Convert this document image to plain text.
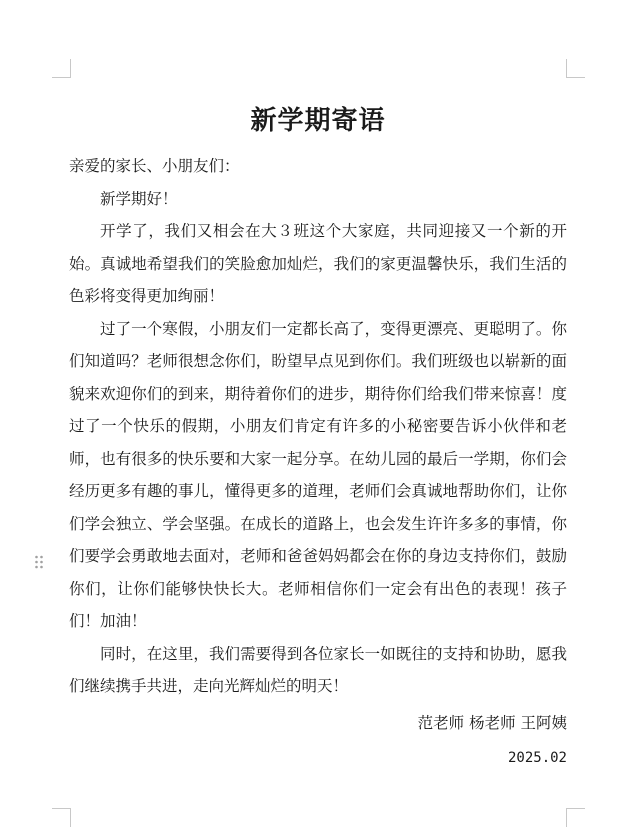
新学期寄语

亲爱的家长、小朋友们：

新学期好！

开学了，我们又相会在大３班这个大家庭，共同迎接又一个新的开始。真诚地希望我们的笑脸愈加灿烂，我们的家更温馨快乐，我们生活的色彩将变得更加绚丽！

过了一个寒假，小朋友们一定都长高了，变得更漂亮、更聪明了。你们知道吗？老师很想念你们，盼望早点见到你们。我们班级也以崭新的面貌来欢迎你们的到来，期待着你们的进步，期待你们给我们带来惊喜！度过了一个快乐的假期，小朋友们肯定有许多的小秘密要告诉小伙伴和老师，也有很多的快乐要和大家一起分享。在幼儿园的最后一学期，你们会经历更多有趣的事儿，懂得更多的道理，老师们会真诚地帮助你们，让你们学会独立、学会坚强。在成长的道路上，也会发生许许多多的事情，你们要学会勇敢地去面对，老师和爸爸妈妈都会在你的身边支持你们，鼓励你们，让你们能够快快长大。老师相信你们一定会有出色的表现！孩子们！加油！

同时，在这里，我们需要得到各位家长一如既往的支持和协助，愿我们继续携手共进，走向光辉灿烂的明天！

范老师 杨老师 王阿姨

2025.02
